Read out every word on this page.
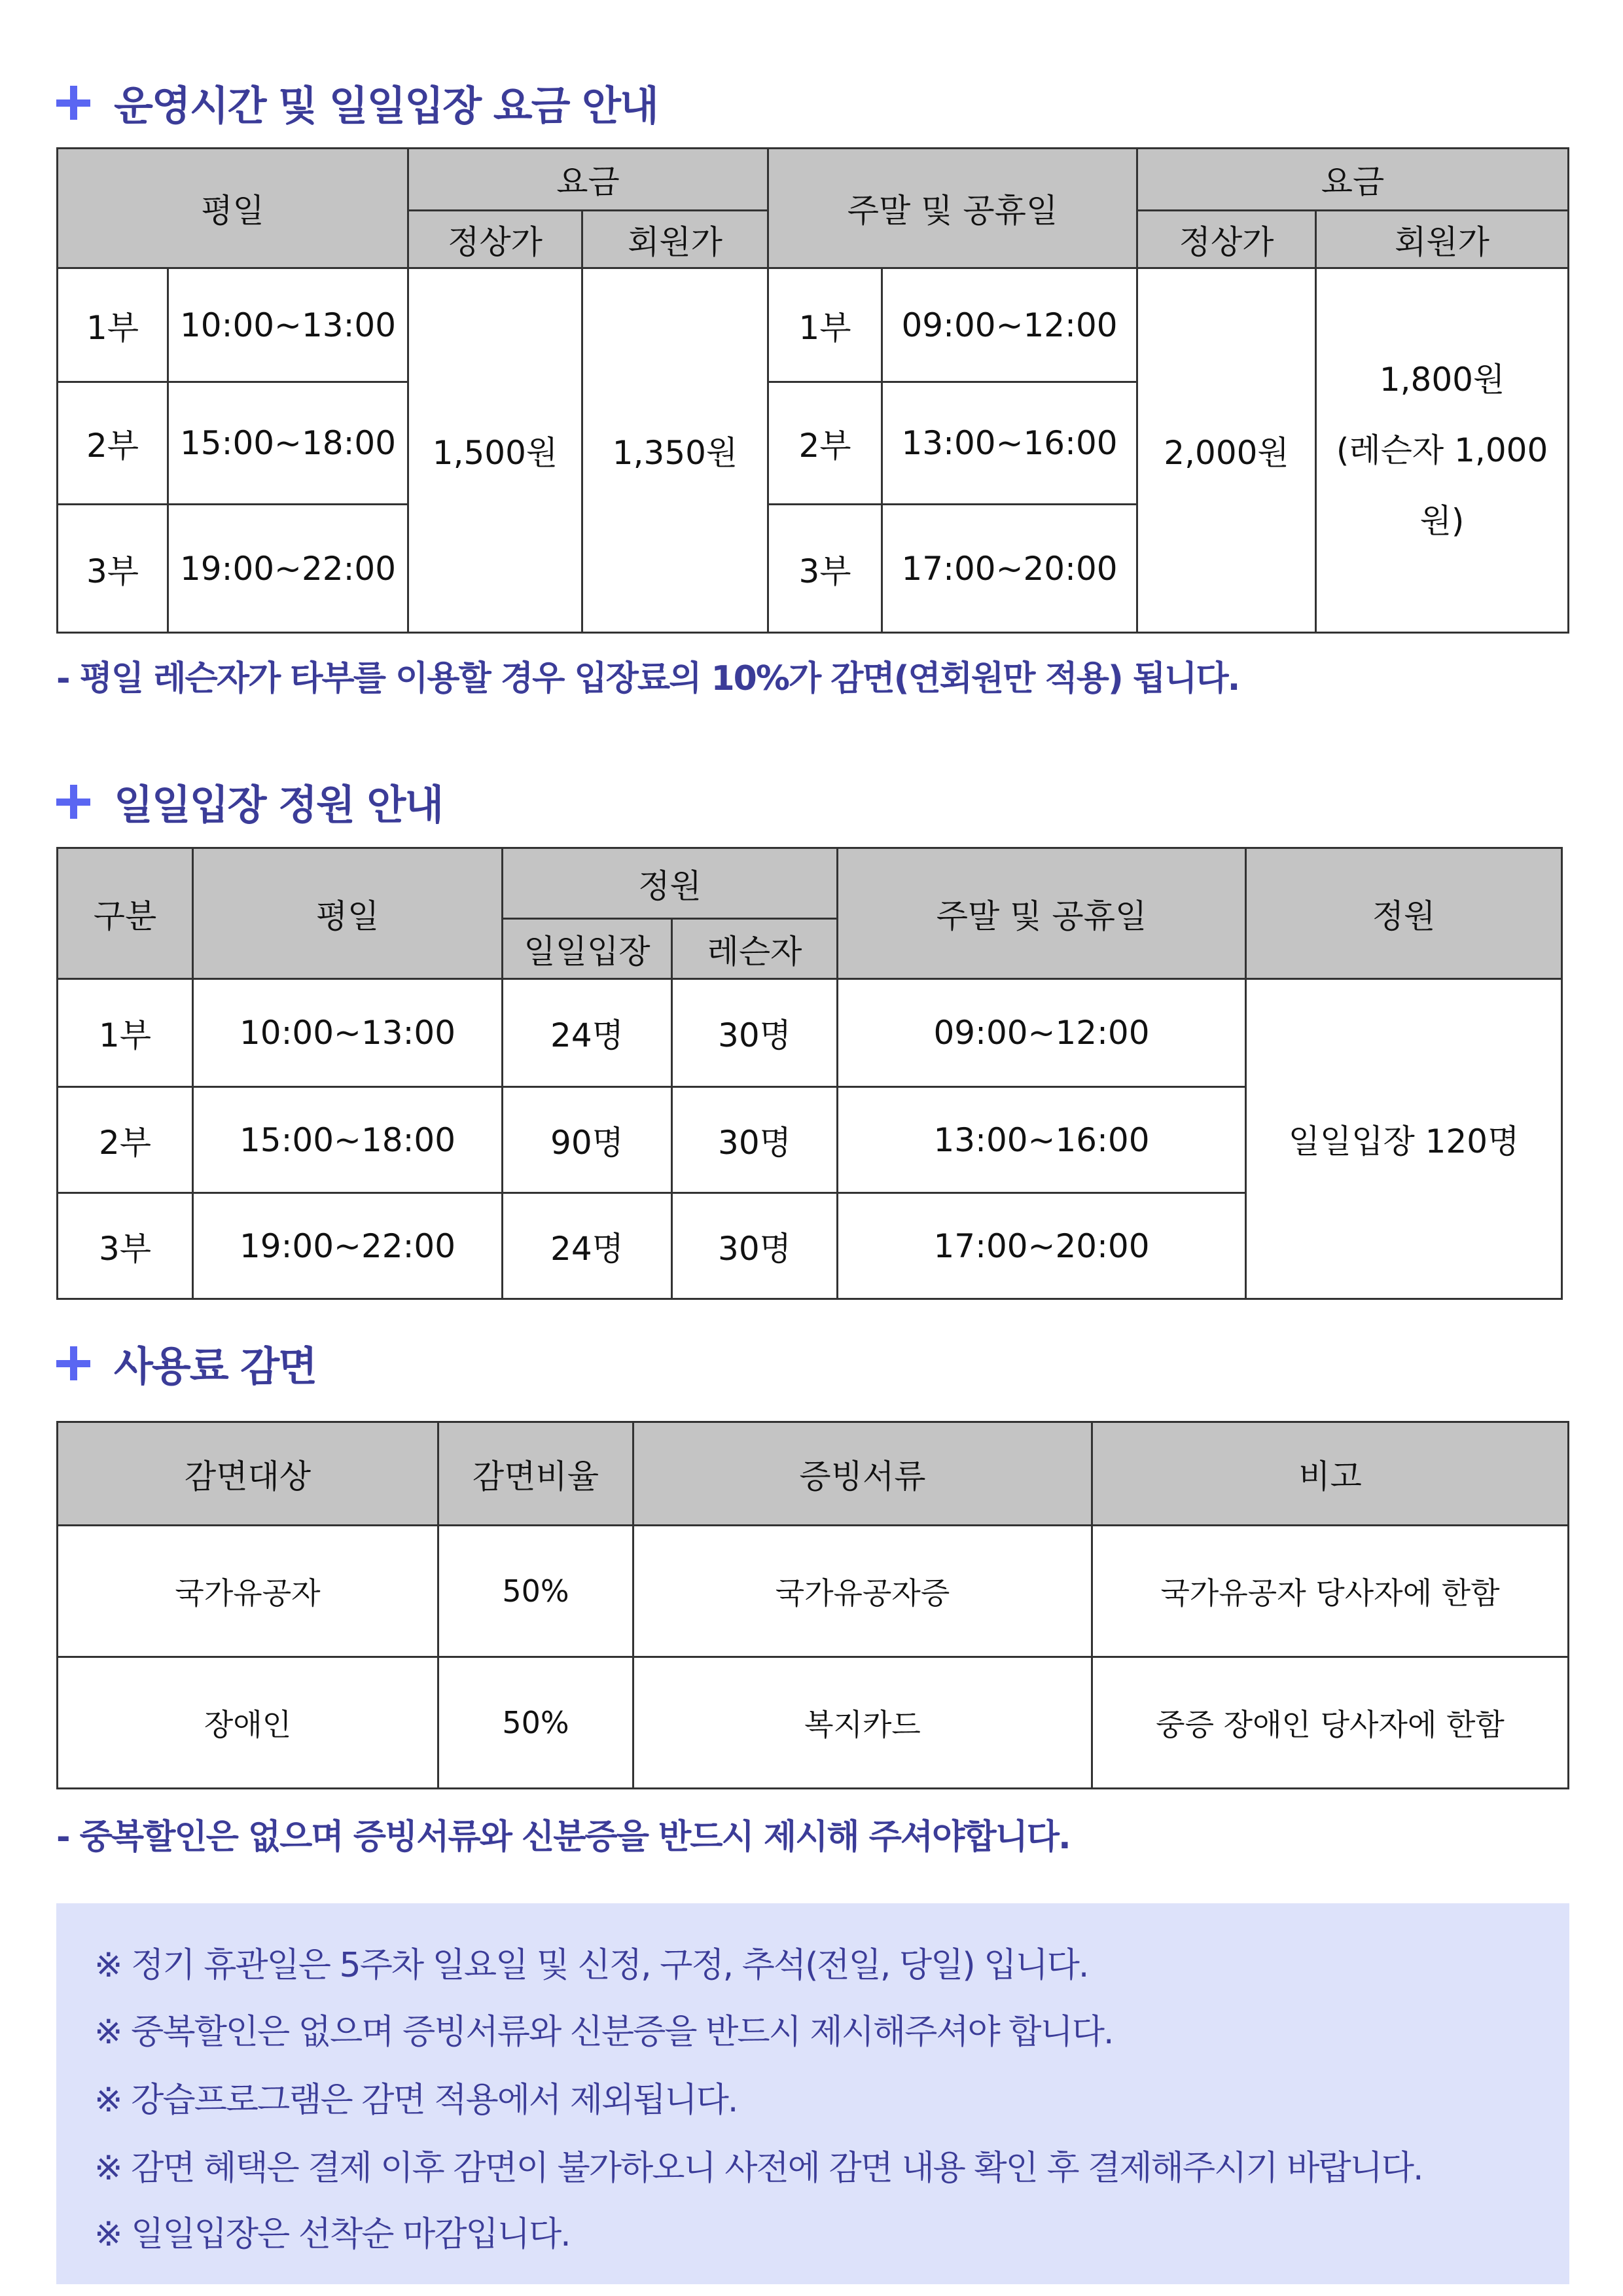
운영시간 및 일일입장 요금 안내
평일		요금		주말 및 공휴일		요금	
		정상가	회원가			정상가	회원가
1부	10:00~13:00	1,500원	1,350원	1부	09:00~12:00	2,000원	1,800원
(레슨자 1,000원)

2부	15:00~18:00			2부	13:00~16:00		
3부	19:00~22:00			3부	17:00~20:00		
- 평일 레슨자가 타부를 이용할 경우 입장료의 10%가 감면(연회원만 적용) 됩니다.
일일입장 정원 안내
구분	평일	정원		주말 및 공휴일	정원
		일일입장	레슨자		
1부	10:00~13:00	24명	30명	09:00~12:00	일일입장 120명
2부	15:00~18:00	90명	30명	13:00~16:00	
3부	19:00~22:00	24명	30명	17:00~20:00	
사용료 감면
감면대상	감면비율	증빙서류	비고
국가유공자	50%	국가유공자증	국가유공자 당사자에 한함
장애인	50%	복지카드	중증 장애인 당사자에 한함
- 중복할인은 없으며 증빙서류와 신분증을 반드시 제시해 주셔야합니다.

※ 정기 휴관일은 5주차 일요일 및 신정, 구정, 추석(전일, 당일) 입니다.

※ 중복할인은 없으며 증빙서류와 신분증을 반드시 제시해주셔야 합니다.

※ 강습프로그램은 감면 적용에서 제외됩니다.

※ 감면 혜택은 결제 이후 감면이 불가하오니 사전에 감면 내용 확인 후 결제해주시기 바랍니다.

※ 일일입장은 선착순 마감입니다.
